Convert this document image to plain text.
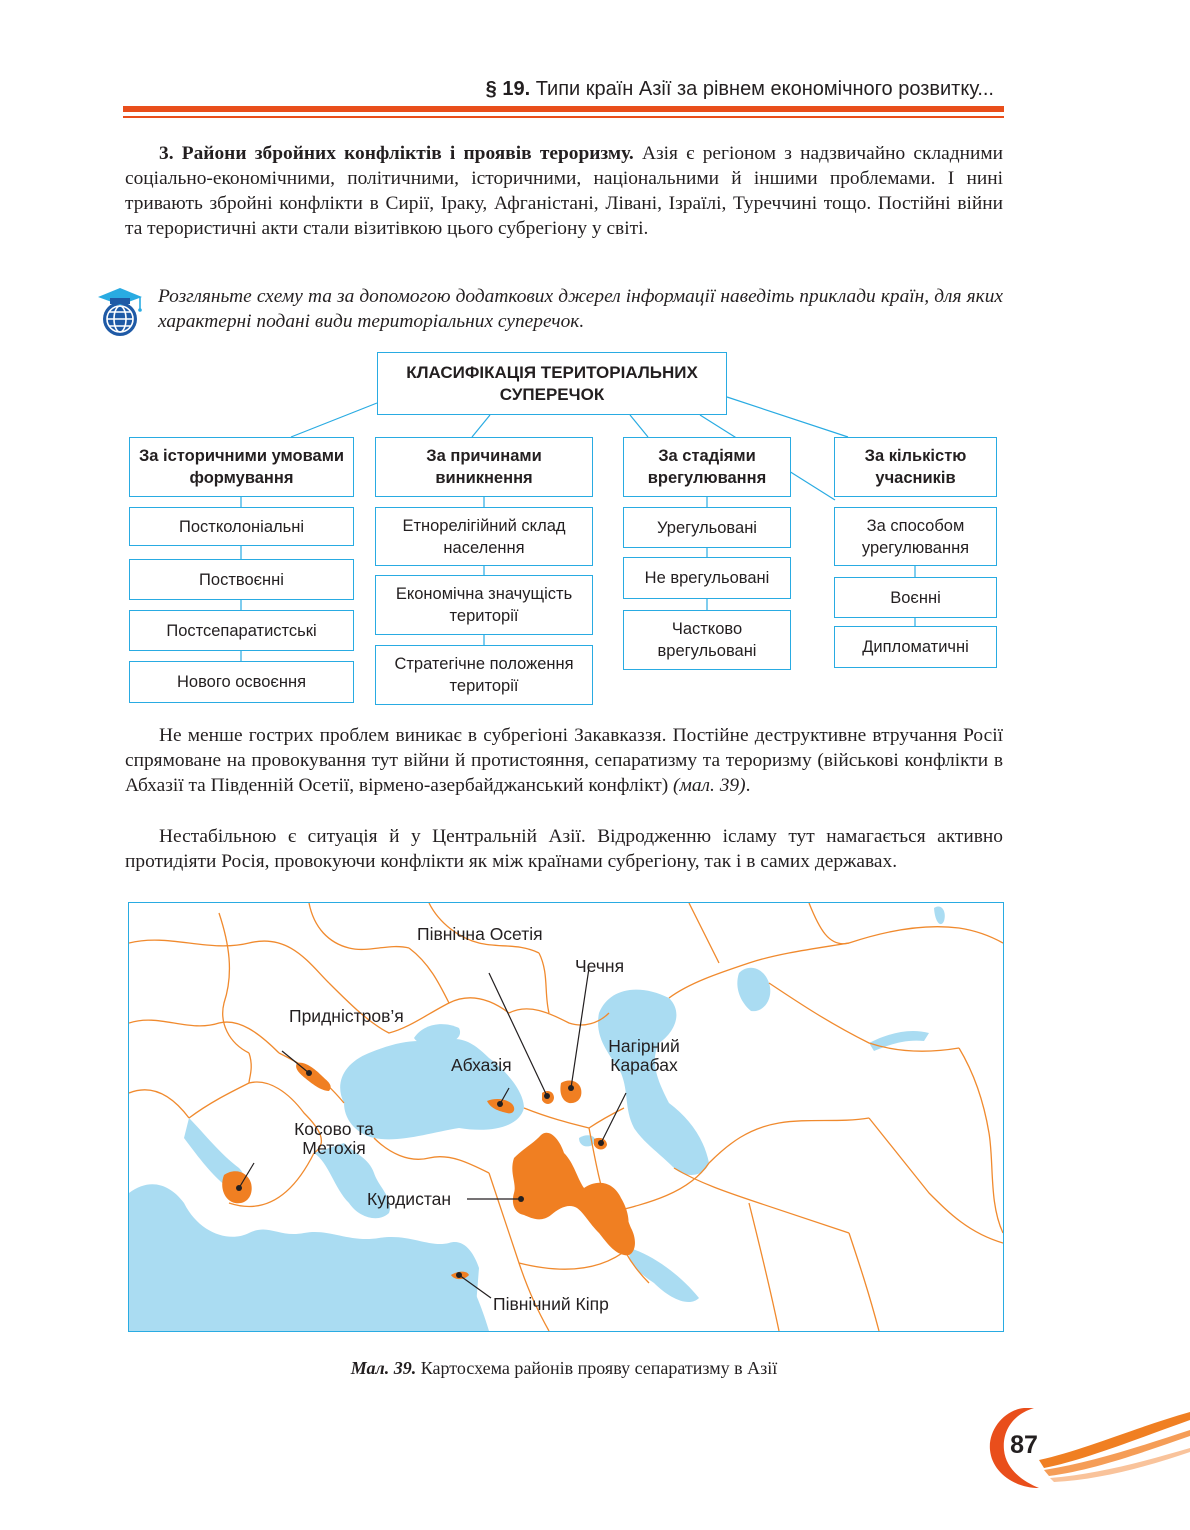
§ 19. Типи країн Азії за рівнем економічного розвитку...

3. Райони збройних конфліктів і проявів тероризму. Азія є регіоном з надзвичайно складними соціально-економічними, політичними, історичними, національними й іншими проблемами. І нині тривають збройні конфлікти в Сирії, Іраку, Афганістані, Лівані, Ізраїлі, Туреччині тощо. Постійні війни та терористичні акти стали візитівкою цього субрегіону у світі.

Розгляньте схему та за допомогою додаткових джерел інформації наведіть приклади країн, для яких характерні подані види територіальних суперечок.
КЛАСИФІКАЦІЯ ТЕРИТОРІАЛЬНИХ СУПЕРЕЧОК
За історичними умовами формування
Постколоніальні
Поствоєнні
Постсепаратистські
Нового освоєння
За причинами виникнення
Етнорелігійний склад населення
Економічна значущість території
Стратегічне положення території
За стадіями врегулювання
Урегульовані
Не врегульовані
Частково врегульовані
За кількістю учасників
За способом урегулювання
Воєнні
Дипломатичні

Не менше гострих проблем виникає в субрегіоні Закавказзя. Постійне деструктивне втручання Росії спрямоване на провокування тут війни й протистояння, сепаратизму та тероризму (військові конфлікти в Абхазії та Південній Осетії, вірмено-азербайджанський конфлікт) (мал. 39).

Нестабільною є ситуація й у Центральній Азії. Відродженню ісламу тут намагається активно протидіяти Росія, провокуючи конфлікти як між країнами субрегіону, так і в самих державах.

Північна Осетія
Чечня
Придністров’я
Абхазія
Нагірний Карабах
Косово та Метохія
Курдистан
Північний Кіпр
Мал. 39. Картосхема районів прояву сепаратизму в Азії
87
